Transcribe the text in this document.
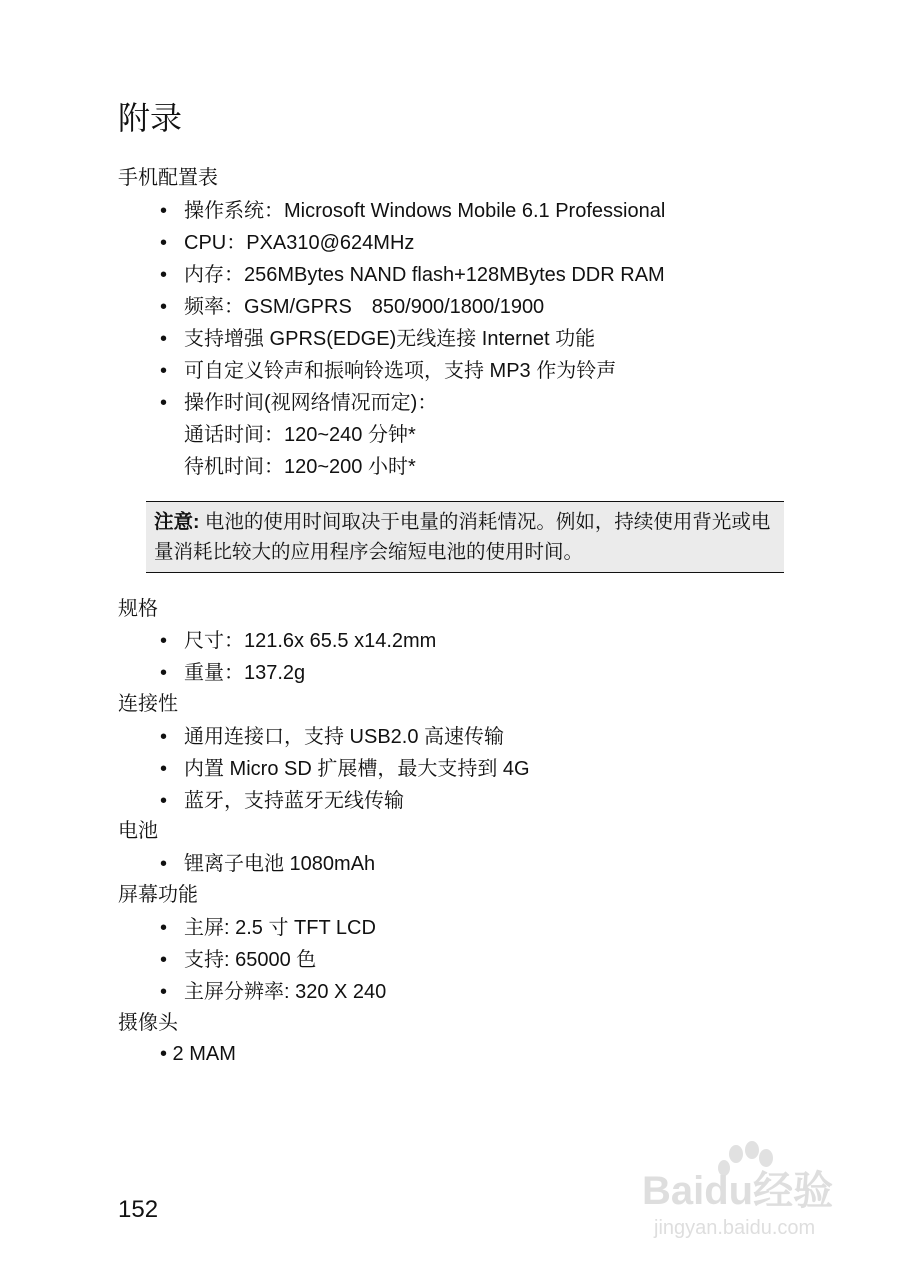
附录
手机配置表
• 操作系统：Microsoft Windows Mobile 6.1 Professional
• CPU：PXA310@624MHz
• 内存：256MBytes NAND flash+128MBytes DDR RAM
• 频率：GSM/GPRS　850/900/1800/1900
• 支持增强 GPRS(EDGE)无线连接 Internet 功能
• 可自定义铃声和振响铃选项，支持 MP3 作为铃声
• 操作时间(视网络情况而定)：
通话时间：120~240 分钟*
待机时间：120~200 小时*
注意: 电池的使用时间取决于电量的消耗情况。例如，持续使用背光或电量消耗比较大的应用程序会缩短电池的使用时间。
规格
• 尺寸：121.6x 65.5 x14.2mm
• 重量：137.2g
连接性
• 通用连接口，支持 USB2.0 高速传输
• 内置 Micro SD 扩展槽，最大支持到 4G
• 蓝牙，支持蓝牙无线传输
电池
• 锂离子电池 1080mAh
屏幕功能
• 主屏: 2.5 寸 TFT LCD
• 支持: 65000 色
• 主屏分辨率: 320 X 240
摄像头
• 2 MAM
152	Baidu经验
jingyan.baidu.com
